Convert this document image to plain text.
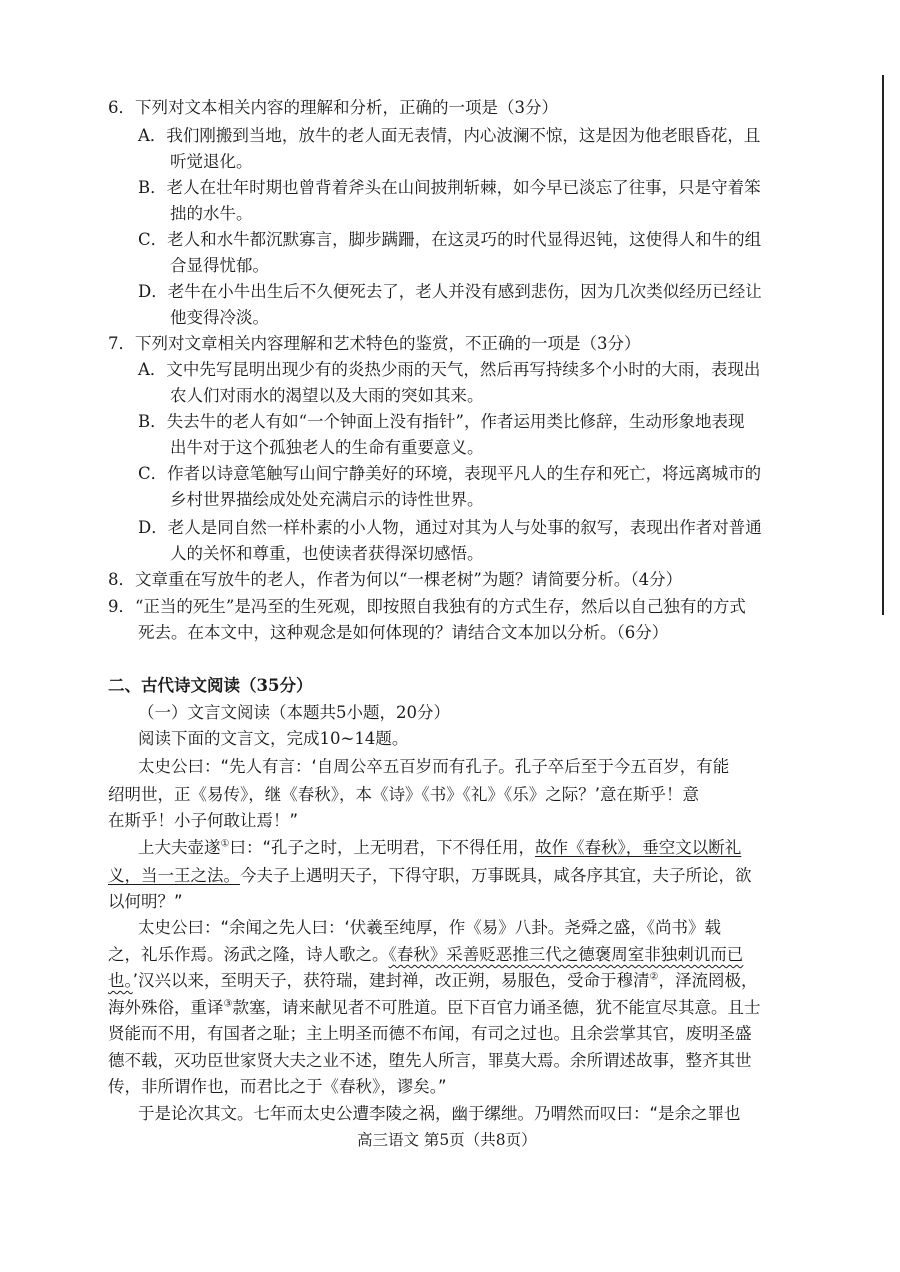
6．下列对文本相关内容的理解和分析，正确的一项是（3分）
A．我们刚搬到当地，放牛的老人面无表情，内心波澜不惊，这是因为他老眼昏花，且
听觉退化。
B．老人在壮年时期也曾背着斧头在山间披荆斩棘，如今早已淡忘了往事，只是守着笨
拙的水牛。
C．老人和水牛都沉默寡言，脚步蹒跚，在这灵巧的时代显得迟钝，这使得人和牛的组
合显得忧郁。
D．老牛在小牛出生后不久便死去了，老人并没有感到悲伤，因为几次类似经历已经让
他变得冷淡。
7．下列对文章相关内容理解和艺术特色的鉴赏，不正确的一项是（3分）
A．文中先写昆明出现少有的炎热少雨的天气，然后再写持续多个小时的大雨，表现出
农人们对雨水的渴望以及大雨的突如其来。
B．失去牛的老人有如“一个钟面上没有指针”，作者运用类比修辞，生动形象地表现
出牛对于这个孤独老人的生命有重要意义。
C．作者以诗意笔触写山间宁静美好的环境，表现平凡人的生存和死亡，将远离城市的
乡村世界描绘成处处充满启示的诗性世界。
D．老人是同自然一样朴素的小人物，通过对其为人与处事的叙写，表现出作者对普通
人的关怀和尊重，也使读者获得深切感悟。
8．文章重在写放牛的老人，作者为何以“一棵老树”为题？请简要分析。（4分）
9．“正当的死生”是冯至的生死观，即按照自我独有的方式生存，然后以自己独有的方式
死去。在本文中，这种观念是如何体现的？请结合文本加以分析。（6分）
二、古代诗文阅读（35分）
（一）文言文阅读（本题共5小题，20分）
阅读下面的文言文，完成10~14题。
太史公曰：“先人有言：‘自周公卒五百岁而有孔子。孔子卒后至于今五百岁，有能
绍明世，正《易传》，继《春秋》，本《诗》《书》《礼》《乐》之际？’意在斯乎！意
在斯乎！小子何敢让焉！”
上大夫壶遂①曰：“孔子之时，上无明君，下不得任用，故作《春秋》，垂空文以断礼
义，当一王之法。今夫子上遇明天子，下得守职，万事既具，咸各序其宜，夫子所论，欲
以何明？”
太史公曰：“余闻之先人曰：‘伏羲至纯厚，作《易》八卦。尧舜之盛，《尚书》载
之，礼乐作焉。汤武之隆，诗人歌之。《春秋》采善贬恶推三代之德褒周室非独刺讥而已
也。’汉兴以来，至明天子，获符瑞，建封禅，改正朔，易服色，受命于穆清②，泽流罔极，
海外殊俗，重译③款塞，请来献见者不可胜道。臣下百官力诵圣德，犹不能宣尽其意。且士
贤能而不用，有国者之耻；主上明圣而德不布闻，有司之过也。且余尝掌其官，废明圣盛
德不载，灭功臣世家贤大夫之业不述，堕先人所言，罪莫大焉。余所谓述故事，整齐其世
传，非所谓作也，而君比之于《春秋》，谬矣。”
于是论次其文。七年而太史公遭李陵之祸，幽于缧绁。乃喟然而叹曰：“是余之罪也
高三语文 第5页（共8页）
